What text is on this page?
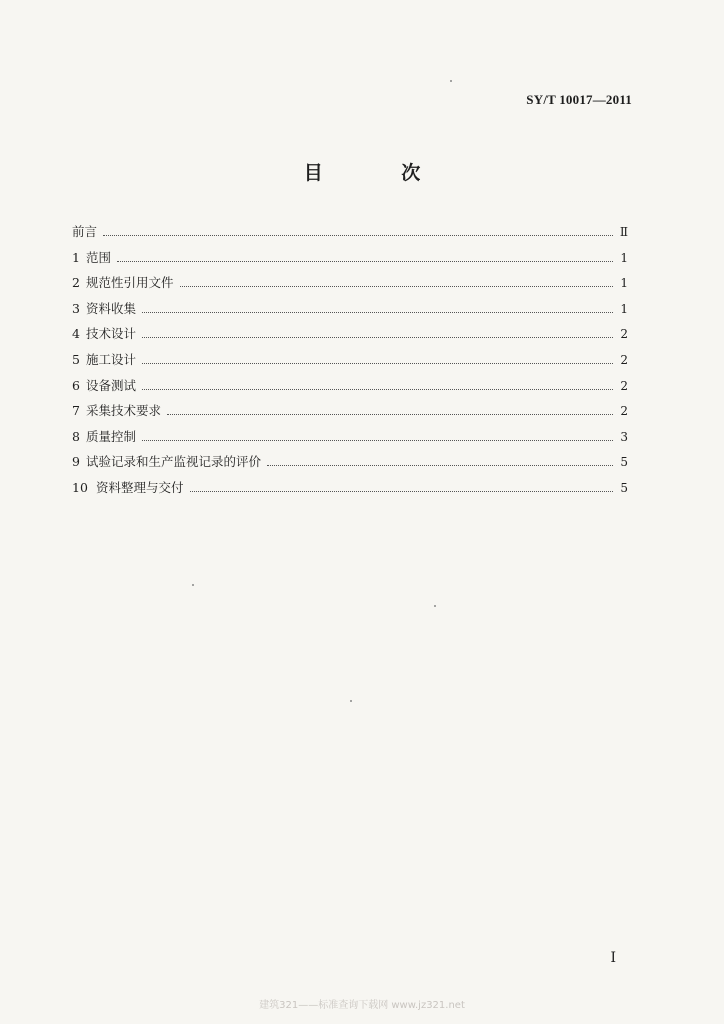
SY/T 10017—2011
目 次
前言	Ⅱ
1 范围	1
2 规范性引用文件	1
3 资料收集	1
4 技术设计	2
5 施工设计	2
6 设备测试	2
7 采集技术要求	2
8 质量控制	3
9 试验记录和生产监视记录的评价	5
10 资料整理与交付	5
I
建筑321——标准查询下载网 www.jz321.net
